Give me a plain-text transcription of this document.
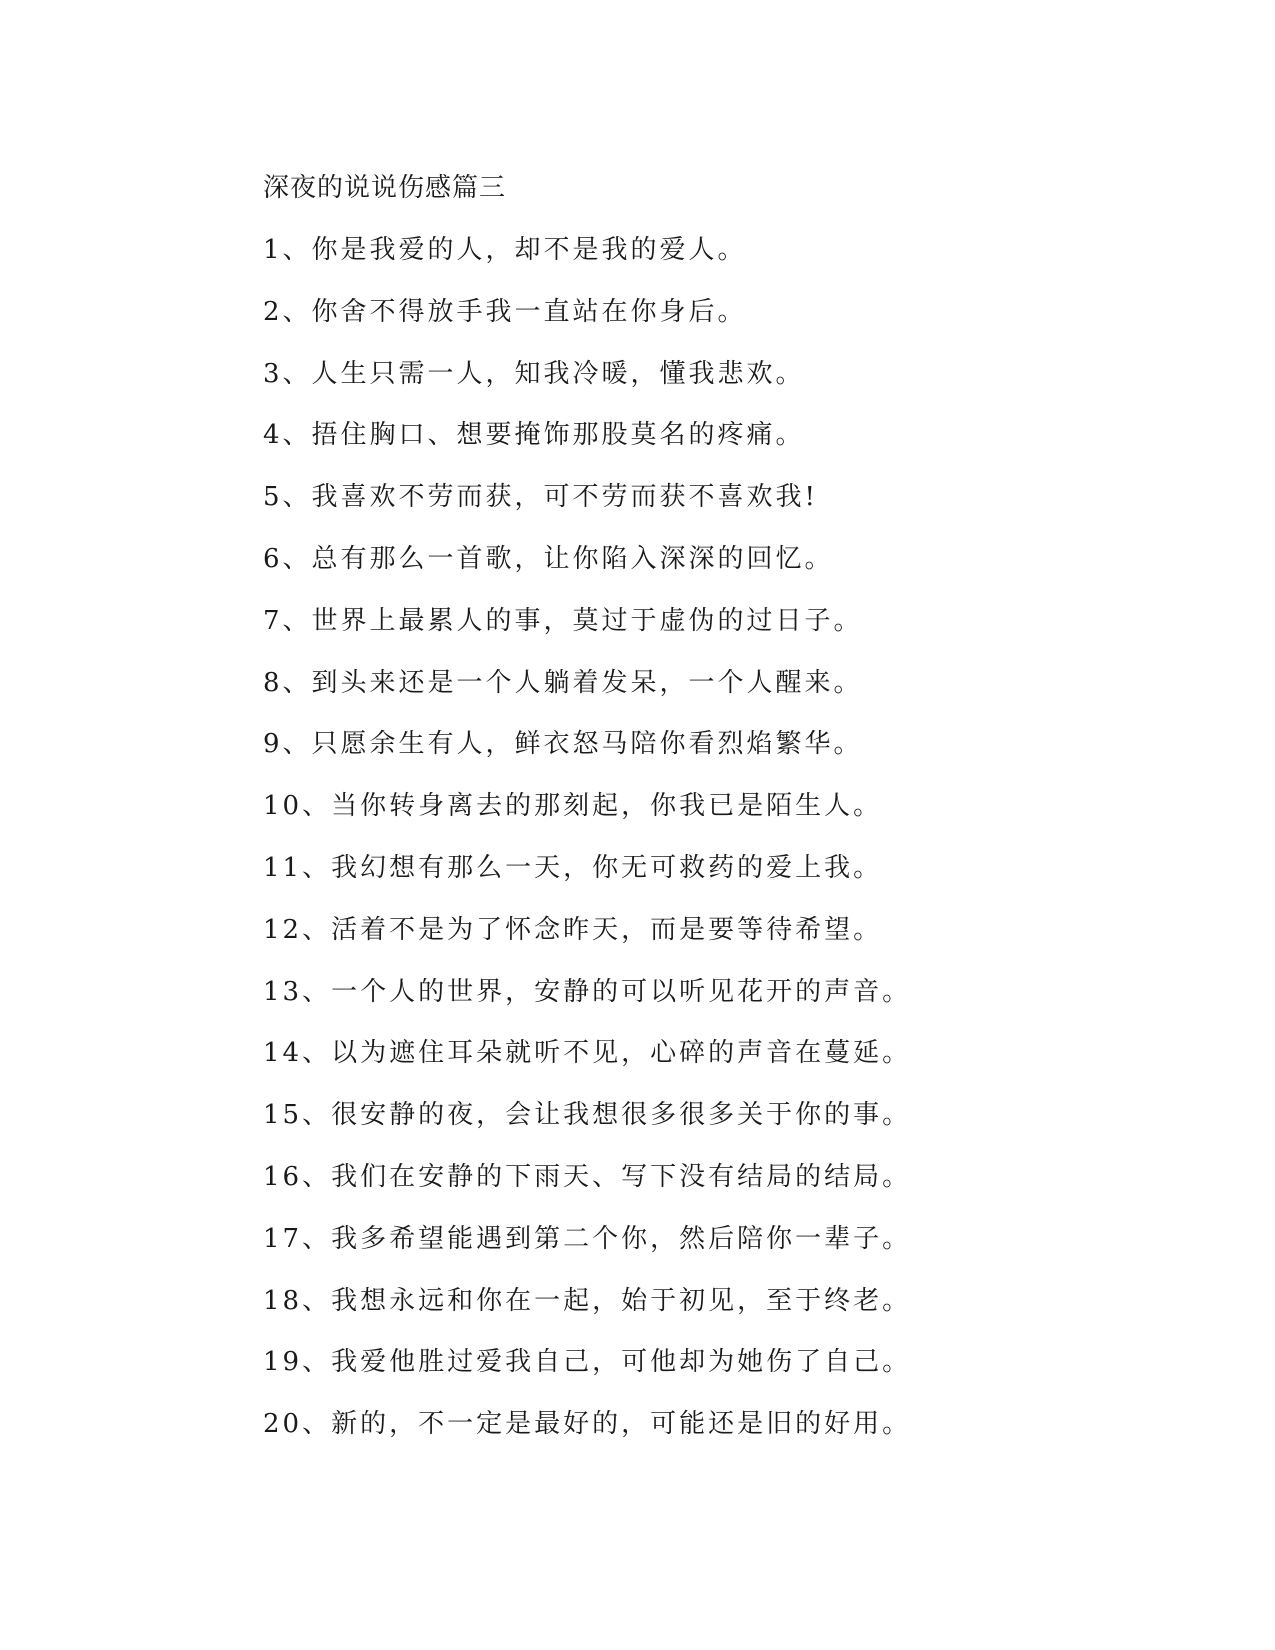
深夜的说说伤感篇三
1、你是我爱的人，却不是我的爱人。
2、你舍不得放手我一直站在你身后。
3、人生只需一人，知我冷暖，懂我悲欢。
4、捂住胸口、想要掩饰那股莫名的疼痛。
5、我喜欢不劳而获，可不劳而获不喜欢我!
6、总有那么一首歌，让你陷入深深的回忆。
7、世界上最累人的事，莫过于虚伪的过日子。
8、到头来还是一个人躺着发呆，一个人醒来。
9、只愿余生有人，鲜衣怒马陪你看烈焰繁华。
10、当你转身离去的那刻起，你我已是陌生人。
11、我幻想有那么一天，你无可救药的爱上我。
12、活着不是为了怀念昨天，而是要等待希望。
13、一个人的世界，安静的可以听见花开的声音。
14、以为遮住耳朵就听不见，心碎的声音在蔓延。
15、很安静的夜，会让我想很多很多关于你的事。
16、我们在安静的下雨天、写下没有结局的结局。
17、我多希望能遇到第二个你，然后陪你一辈子。
18、我想永远和你在一起，始于初见，至于终老。
19、我爱他胜过爱我自己，可他却为她伤了自己。
20、新的，不一定是最好的，可能还是旧的好用。
